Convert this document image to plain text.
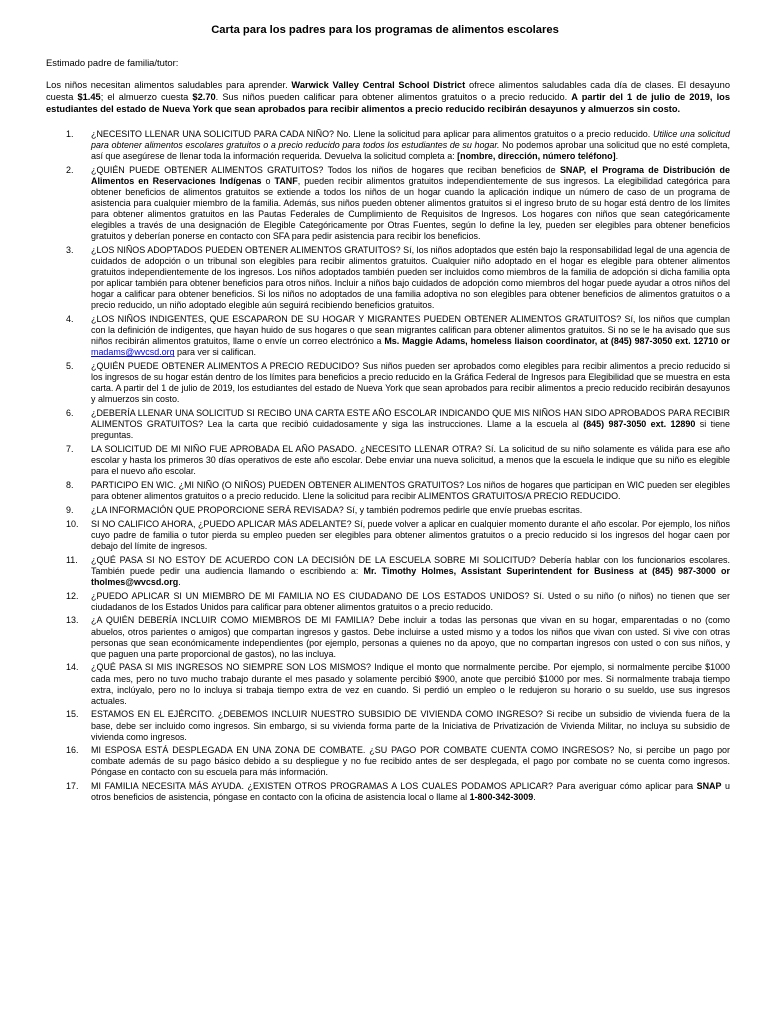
Carta para los padres para los programas de alimentos escolares

Estimado padre de familia/tutor:

Los niños necesitan alimentos saludables para aprender. Warwick Valley Central School District ofrece alimentos saludables cada día de clases. El desayuno cuesta $1.45; el almuerzo cuesta $2.70. Sus niños pueden calificar para obtener alimentos gratuitos o a precio reducido. A partir del 1 de julio de 2019, los estudiantes del estado de Nueva York que sean aprobados para recibir alimentos a precio reducido recibirán desayunos y almuerzos sin costo.

1. ¿NECESITO LLENAR UNA SOLICITUD PARA CADA NIÑO? No. Llene la solicitud para aplicar para alimentos gratuitos o a precio reducido. Utilice una solicitud para obtener alimentos escolares gratuitos o a precio reducido para todos los estudiantes de su hogar. No podemos aprobar una solicitud que no esté completa, así que asegúrese de llenar toda la información requerida. Devuelva la solicitud completa a: [nombre, dirección, número teléfono].
2. ¿QUIÉN PUEDE OBTENER ALIMENTOS GRATUITOS? Todos los niños de hogares que reciban beneficios de SNAP, el Programa de Distribución de Alimentos en Reservaciones Indígenas o TANF, pueden recibir alimentos gratuitos independientemente de sus ingresos. La elegibilidad categórica para obtener beneficios de alimentos gratuitos se extiende a todos los niños de un hogar cuando la aplicación indique un número de caso de un programa de asistencia para cualquier miembro de la familia. Además, sus niños pueden obtener alimentos gratuitos si el ingreso bruto de su hogar está dentro de los límites para obtener alimentos gratuitos en las Pautas Federales de Cumplimiento de Requisitos de Ingresos. Los hogares con niños que sean categóricamente elegibles a través de una designación de Elegible Categóricamente por Otras Fuentes, según lo define la ley, pueden ser elegibles para obtener beneficios gratuitos y deberían ponerse en contacto con SFA para pedir asistencia para recibir los beneficios.
3. ¿LOS NIÑOS ADOPTADOS PUEDEN OBTENER ALIMENTOS GRATUITOS? Sí, los niños adoptados que estén bajo la responsabilidad legal de una agencia de cuidados de adopción o un tribunal son elegibles para recibir alimentos gratuitos. Cualquier niño adoptado en el hogar es elegible para obtener alimentos gratuitos independientemente de los ingresos. Los niños adoptados también pueden ser incluidos como miembros de la familia de adopción si dicha familia opta por aplicar también para obtener beneficios para otros niños. Incluir a niños bajo cuidados de adopción como miembros del hogar puede ayudar a otros niños del hogar a calificar para obtener beneficios. Si los niños no adoptados de una familia adoptiva no son elegibles para obtener beneficios de alimentos gratuitos o a precio reducido, un niño adoptado elegible aún seguirá recibiendo beneficios gratuitos.
4. ¿LOS NIÑOS INDIGENTES, QUE ESCAPARON DE SU HOGAR Y MIGRANTES PUEDEN OBTENER ALIMENTOS GRATUITOS? Sí, los niños que cumplan con la definición de indigentes, que hayan huido de sus hogares o que sean migrantes califican para obtener alimentos gratuitos. Si no se le ha avisado que sus niños recibirán alimentos gratuitos, llame o envíe un correo electrónico a Ms. Maggie Adams, homeless liaison coordinator, at (845) 987-3050 ext. 12710 or madams@wvcsd.org para ver si califican.
5. ¿QUIÉN PUEDE OBTENER ALIMENTOS A PRECIO REDUCIDO? Sus niños pueden ser aprobados como elegibles para recibir alimentos a precio reducido si los ingresos de su hogar están dentro de los límites para beneficios a precio reducido en la Gráfica Federal de Ingresos para Elegibilidad que se muestra en esta carta. A partir del 1 de julio de 2019, los estudiantes del estado de Nueva York que sean aprobados para recibir alimentos a precio reducido recibirán desayunos y almuerzos sin costo.
6. ¿DEBERÍA LLENAR UNA SOLICITUD SI RECIBO UNA CARTA ESTE AÑO ESCOLAR INDICANDO QUE MIS NIÑOS HAN SIDO APROBADOS PARA RECIBIR ALIMENTOS GRATUITOS? Lea la carta que recibió cuidadosamente y siga las instrucciones. Llame a la escuela al (845) 987-3050 ext. 12890 si tiene preguntas.
7. LA SOLICITUD DE MI NIÑO FUE APROBADA EL AÑO PASADO. ¿NECESITO LLENAR OTRA? Sí. La solicitud de su niño solamente es válida para ese año escolar y hasta los primeros 30 días operativos de este año escolar. Debe enviar una nueva solicitud, a menos que la escuela le indique que su niño es elegible para el nuevo año escolar.
8. PARTICIPO EN WIC. ¿MI NIÑO (O NIÑOS) PUEDEN OBTENER ALIMENTOS GRATUITOS? Los niños de hogares que participan en WIC pueden ser elegibles para obtener alimentos gratuitos o a precio reducido. Llene la solicitud para recibir ALIMENTOS GRATUITOS/A PRECIO REDUCIDO.
9. ¿LA INFORMACIÓN QUE PROPORCIONE SERÁ REVISADA? Sí, y también podremos pedirle que envíe pruebas escritas.
10. SI NO CALIFICO AHORA, ¿PUEDO APLICAR MÁS ADELANTE? Sí, puede volver a aplicar en cualquier momento durante el año escolar. Por ejemplo, los niños cuyo padre de familia o tutor pierda su empleo pueden ser elegibles para obtener alimentos gratuitos o a precio reducido si los ingresos del hogar caen por debajo del límite de ingresos.
11. ¿QUÉ PASA SI NO ESTOY DE ACUERDO CON LA DECISIÓN DE LA ESCUELA SOBRE MI SOLICITUD? Debería hablar con los funcionarios escolares. También puede pedir una audiencia llamando o escribiendo a: Mr. Timothy Holmes, Assistant Superintendent for Business at (845) 987-3000 or tholmes@wvcsd.org.
12. ¿PUEDO APLICAR SI UN MIEMBRO DE MI FAMILIA NO ES CIUDADANO DE LOS ESTADOS UNIDOS? Sí. Usted o su niño (o niños) no tienen que ser ciudadanos de los Estados Unidos para calificar para obtener alimentos gratuitos o a precio reducido.
13. ¿A QUIÉN DEBERÍA INCLUIR COMO MIEMBROS DE MI FAMILIA? Debe incluir a todas las personas que vivan en su hogar, emparentadas o no (como abuelos, otros parientes o amigos) que compartan ingresos y gastos. Debe incluirse a usted mismo y a todos los niños que vivan con usted. Si vive con otras personas que sean económicamente independientes (por ejemplo, personas a quienes no da apoyo, que no compartan ingresos con usted o con sus niños, y que paguen una parte proporcional de gastos), no las incluya.
14. ¿QUÉ PASA SI MIS INGRESOS NO SIEMPRE SON LOS MISMOS? Indique el monto que normalmente percibe. Por ejemplo, si normalmente percibe $1000 cada mes, pero no tuvo mucho trabajo durante el mes pasado y solamente percibió $900, anote que percibió $1000 por mes. Si normalmente trabaja tiempo extra, inclúyalo, pero no lo incluya si trabaja tiempo extra de vez en cuando. Si perdió un empleo o le redujeron su horario o su sueldo, use sus ingresos actuales.
15. ESTAMOS EN EL EJÉRCITO. ¿DEBEMOS INCLUIR NUESTRO SUBSIDIO DE VIVIENDA COMO INGRESO? Si recibe un subsidio de vivienda fuera de la base, debe ser incluido como ingresos. Sin embargo, si su vivienda forma parte de la Iniciativa de Privatización de Vivienda Militar, no incluya su subsidio de vivienda como ingresos.
16. MI ESPOSA ESTÁ DESPLEGADA EN UNA ZONA DE COMBATE. ¿SU PAGO POR COMBATE CUENTA COMO INGRESOS? No, si percibe un pago por combate además de su pago básico debido a su despliegue y no fue recibido antes de ser desplegada, el pago por combate no se cuenta como ingresos. Póngase en contacto con su escuela para más información.
17. MI FAMILIA NECESITA MÁS AYUDA. ¿EXISTEN OTROS PROGRAMAS A LOS CUALES PODAMOS APLICAR? Para averiguar cómo aplicar para SNAP u otros beneficios de asistencia, póngase en contacto con la oficina de asistencia local o llame al 1-800-342-3009.
